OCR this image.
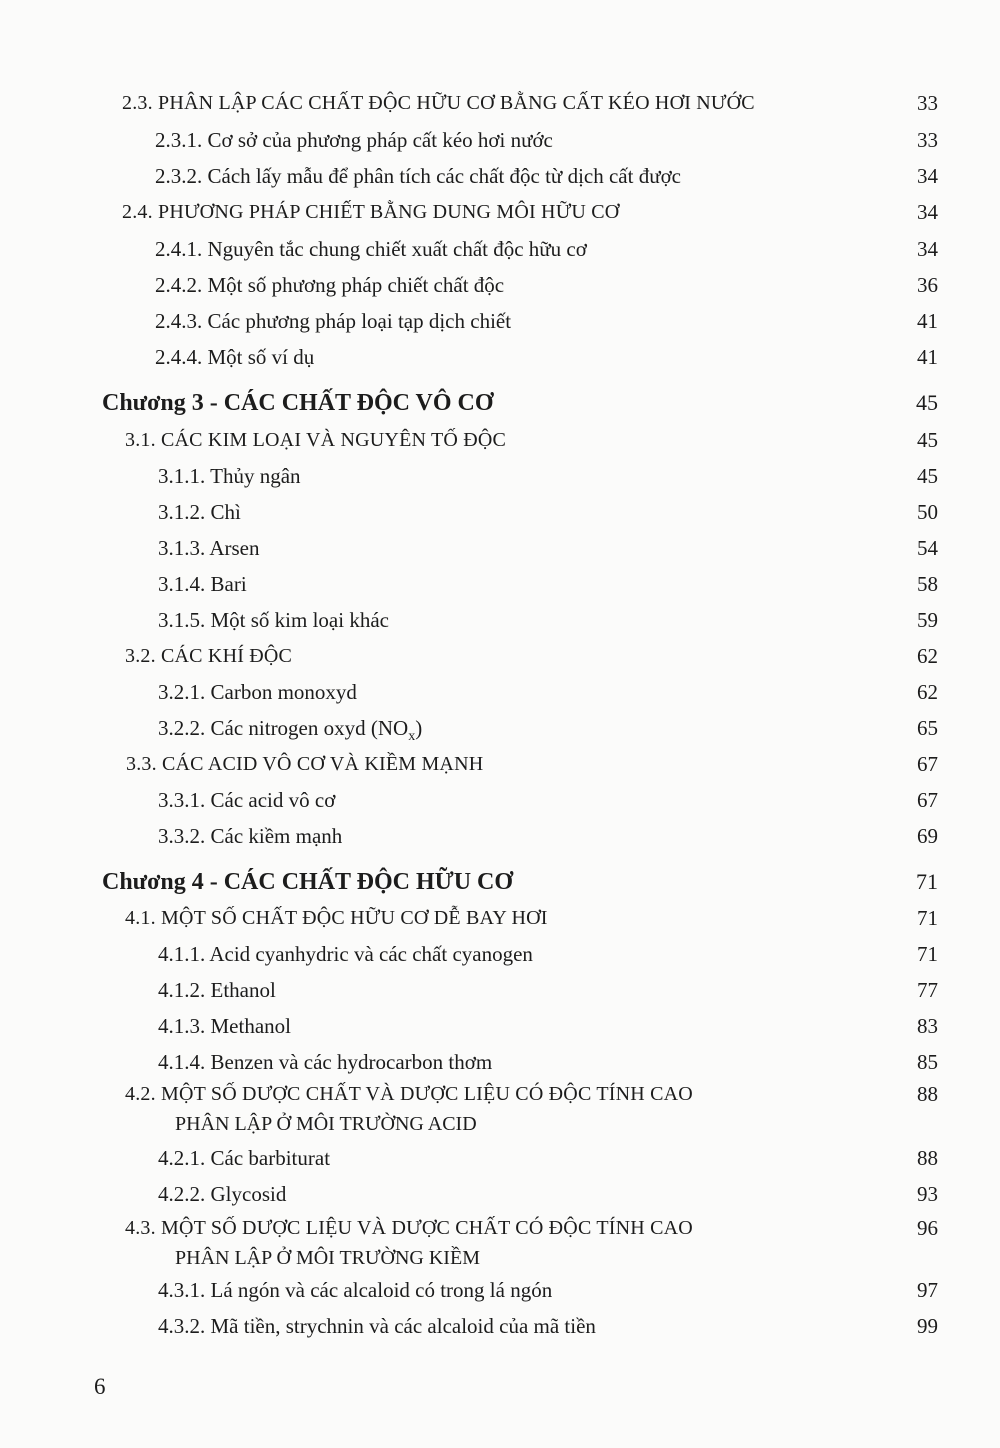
2.3. PHÂN LẬP CÁC CHẤT ĐỘC HỮU CƠ BẰNG CẤT KÉO HƠI NƯỚC	33
2.3.1. Cơ sở của phương pháp cất kéo hơi nước	33
2.3.2. Cách lấy mẫu để phân tích các chất độc từ dịch cất được	34
2.4. PHƯƠNG PHÁP CHIẾT BẰNG DUNG MÔI HỮU CƠ	34
2.4.1. Nguyên tắc chung chiết xuất chất độc hữu cơ	34
2.4.2. Một số phương pháp chiết chất độc	36
2.4.3. Các phương pháp loại tạp dịch chiết	41
2.4.4. Một số ví dụ	41
Chương 3 - CÁC CHẤT ĐỘC VÔ CƠ	45
3.1. CÁC KIM LOẠI VÀ NGUYÊN TỐ ĐỘC	45
3.1.1. Thủy ngân	45
3.1.2. Chì	50
3.1.3. Arsen	54
3.1.4. Bari	58
3.1.5. Một số kim loại khác	59
3.2. CÁC KHÍ ĐỘC	62
3.2.1. Carbon monoxyd	62
3.2.2. Các nitrogen oxyd $(NO_x)$	65
3.3. CÁC ACID VÔ CƠ VÀ KIỀM MẠNH	67
3.3.1. Các acid vô cơ	67
3.3.2. Các kiềm mạnh	69
Chương 4 - CÁC CHẤT ĐỘC HỮU CƠ	71
4.1. MỘT SỐ CHẤT ĐỘC HỮU CƠ DỄ BAY HƠI	71
4.1.1. Acid cyanhydric và các chất cyanogen	71
4.1.2. Ethanol	77
4.1.3. Methanol	83
4.1.4. Benzen và các hydrocarbon thơm	85
4.2. MỘT SỐ DƯỢC CHẤT VÀ DƯỢC LIỆU CÓ ĐỘC TÍNH CAO	88
PHÂN LẬP Ở MÔI TRƯỜNG ACID
4.2.1. Các barbiturat	88
4.2.2. Glycosid	93
4.3. MỘT SỐ DƯỢC LIỆU VÀ DƯỢC CHẤT CÓ ĐỘC TÍNH CAO	96
PHÂN LẬP Ở MÔI TRƯỜNG KIỀM
4.3.1. Lá ngón và các alcaloid có trong lá ngón	97
4.3.2. Mã tiền, strychnin và các alcaloid của mã tiền	99
6
